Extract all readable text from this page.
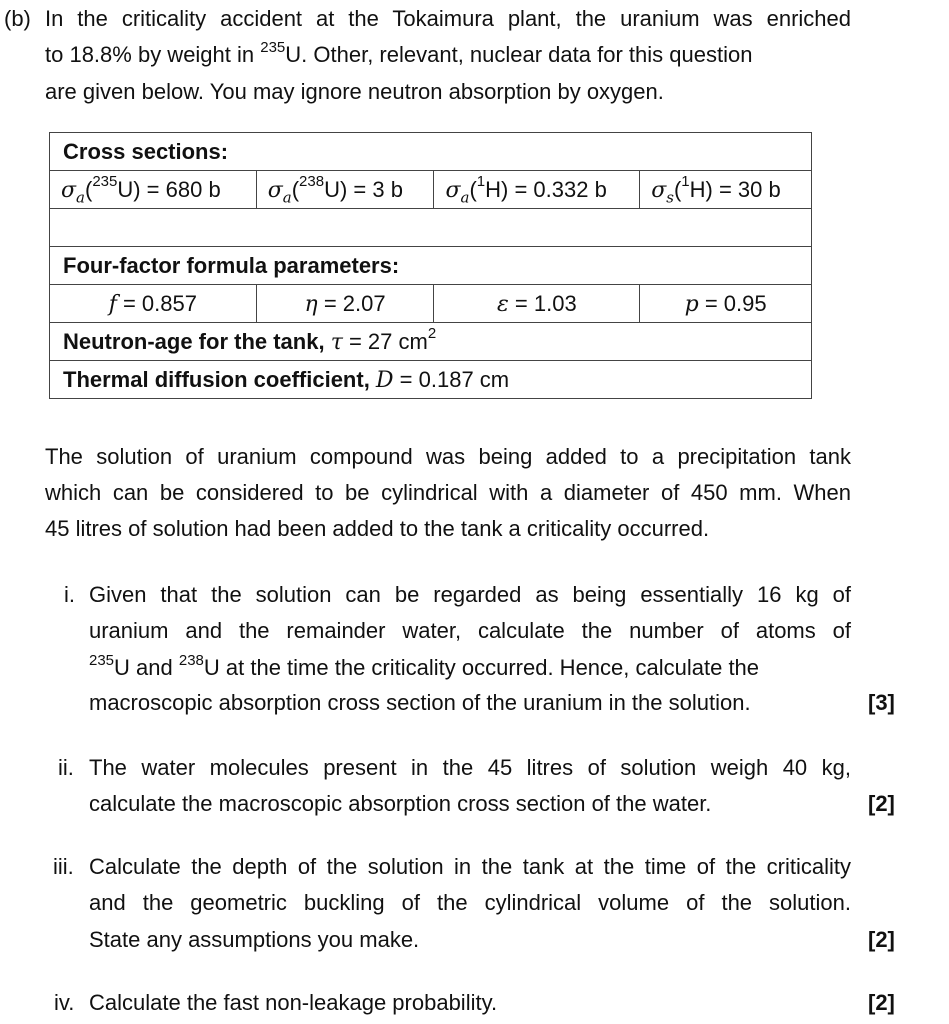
(b) In the criticality accident at the Tokaimura plant, the uranium was enriched
to 18.8% by weight in $^{235}$U. Other, relevant, nuclear data for this question
are given below. You may ignore neutron absorption by oxygen.
Cross sections:			
$\sigma_a(^{235}U) = 680$ b	$\sigma_a(^{238}U) = 3$ b	$\sigma_a(^1H) = 0.332$ b	$\sigma_s(^1H) = 30$ b

Four-factor formula parameters:			
f = 0.857	η = 2.07	ε = 1.03	p = 0.95
Neutron-age for the tank, τ = 27 $cm^2$
Thermal diffusion coefficient, D = 0.187 cm			
The solution of uranium compound was being added to a precipitation tank
which can be considered to be cylindrical with a diameter of 450 mm. When
45 litres of solution had been added to the tank a criticality occurred.
i. Given that the solution can be regarded as being essentially 16 kg of
uranium and the remainder water, calculate the number of atoms of
$^{235}$U and $^{238}$U at the time the criticality occurred. Hence, calculate the
macroscopic absorption cross section of the uranium in the solution.	[3]
ii. The water molecules present in the 45 litres of solution weigh 40 kg,
calculate the macroscopic absorption cross section of the water.	[2]
iii. Calculate the depth of the solution in the tank at the time of the criticality
and the geometric buckling of the cylindrical volume of the solution.
State any assumptions you make.	[2]
iv. Calculate the fast non-leakage probability.	[2]
